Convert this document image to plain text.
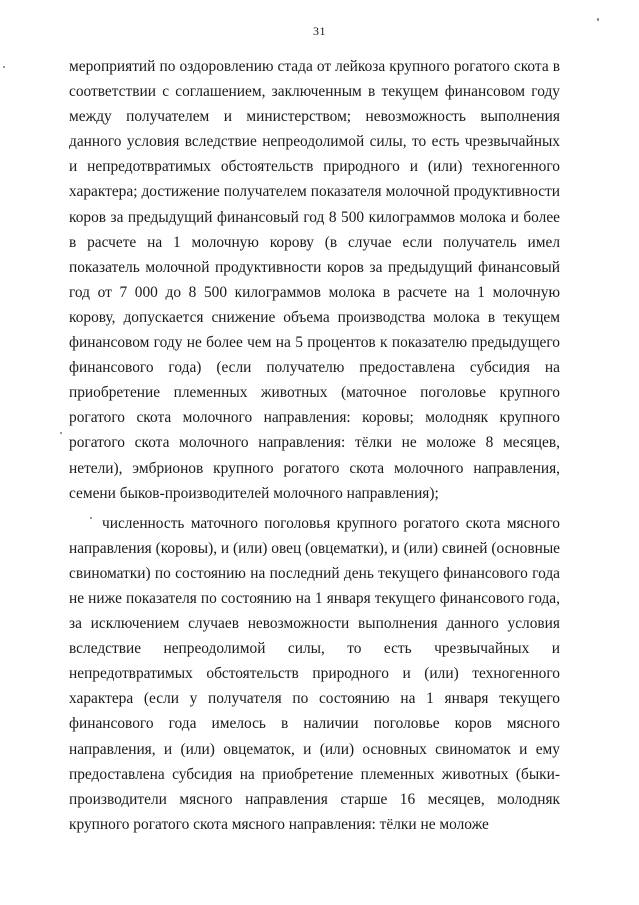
31

мероприятий по оздоровлению стада от лейкоза крупного рогатого скота в соответствии с соглашением, заключенным в текущем финансовом году между получателем и министерством; невозможность выполнения данного условия вследствие непреодолимой силы, то есть чрезвычайных и непредотвратимых обстоятельств природного и (или) техногенного характера; достижение получателем показателя молочной продуктивности коров за предыдущий финансовый год 8 500 килограммов молока и более в расчете на 1 молочную корову (в случае если получатель имел показатель молочной продуктивности коров за предыдущий финансовый год от 7 000 до 8 500 килограммов молока в расчете на 1 молочную корову, допускается снижение объема производства молока в текущем финансовом году не более чем на 5 процентов к показателю предыдущего финансового года) (если получателю предоставлена субсидия на приобретение племенных животных (маточное поголовье крупного рогатого скота молочного направления: коровы; молодняк крупного рогатого скота молочного направления: тёлки не моложе 8 месяцев, нетели), эмбрионов крупного рогатого скота молочного направления, семени быков-производителей молочного направления);

численность маточного поголовья крупного рогатого скота мясного направления (коровы), и (или) овец (овцематки), и (или) свиней (основные свиноматки) по состоянию на последний день текущего финансового года не ниже показателя по состоянию на 1 января текущего финансового года, за исключением случаев невозможности выполнения данного условия вследствие непреодолимой силы, то есть чрезвычайных и непредотвратимых обстоятельств природного и (или) техногенного характера (если у получателя по состоянию на 1 января текущего финансового года имелось в наличии поголовье коров мясного направления, и (или) овцематок, и (или) основных свиноматок и ему предоставлена субсидия на приобретение племенных животных (быки-производители мясного направления старше 16 месяцев, молодняк крупного рогатого скота мясного направления: тёлки не моложе
